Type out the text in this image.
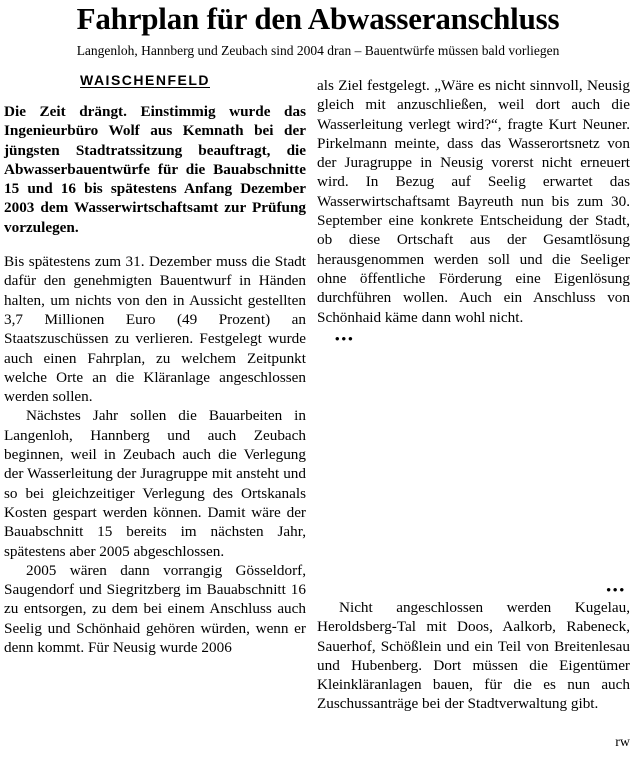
Fahrplan für den Abwasseranschluss
Langenloh, Hannberg und Zeubach sind 2004 dran – Bauentwürfe müssen bald vorliegen
WAISCHENFELD

Die Zeit drängt. Einstimmig wurde das Ingenieurbüro Wolf aus Kemnath bei der jüngsten Stadtratssitzung beauftragt, die Abwasserbauentwürfe für die Bauabschnitte 15 und 16 bis spätestens Anfang Dezember 2003 dem Wasserwirtschaftsamt zur Prüfung vorzulegen.

Bis spätestens zum 31. Dezember muss die Stadt dafür den genehmigten Bauentwurf in Händen halten, um nichts von den in Aussicht gestellten 3,7 Millionen Euro (49 Prozent) an Staatszuschüssen zu verlieren. Festgelegt wurde auch einen Fahrplan, zu welchem Zeitpunkt welche Orte an die Kläranlage angeschlossen werden sollen.

Nächstes Jahr sollen die Bauarbeiten in Langenloh, Hannberg und auch Zeubach beginnen, weil in Zeubach auch die Verlegung der Wasserleitung der Juragruppe mit ansteht und so bei gleichzeitiger Verlegung des Ortskanals Kosten gespart werden können. Damit wäre der Bauabschnitt 15 bereits im nächsten Jahr, spätestens aber 2005 abgeschlossen.

2005 wären dann vorrangig Gösseldorf, Saugendorf und Siegritzberg im Bauabschnitt 16 zu entsorgen, zu dem bei einem Anschluss auch Seelig und Schönhaid gehören würden, wenn er denn kommt. Für Neusig wurde 2006

als Ziel festgelegt. „Wäre es nicht sinnvoll, Neusig gleich mit anzuschließen, weil dort auch die Wasserleitung verlegt wird?“, fragte Kurt Neuner. Pirkelmann meinte, dass das Wasserortsnetz von der Juragruppe in Neusig vorerst nicht erneuert wird. In Bezug auf Seelig erwartet das Wasserwirtschaftsamt Bayreuth nun bis zum 30. September eine konkrete Entscheidung der Stadt, ob diese Ortschaft aus der Gesamtlösung herausgenommen werden soll und die Seeliger ohne öffentliche Förderung eine Eigenlösung durchführen wollen. Auch ein Anschluss von Schönhaid käme dann wohl nicht.

•••
•••

Nicht angeschlossen werden Kugelau, Heroldsberg-Tal mit Doos, Aalkorb, Rabeneck, Sauerhof, Schößlein und ein Teil von Breitenlesau und Hubenberg. Dort müssen die Eigentümer Kleinkläranlagen bauen, für die es nun auch Zuschussanträge bei der Stadtverwaltung gibt.

rw
